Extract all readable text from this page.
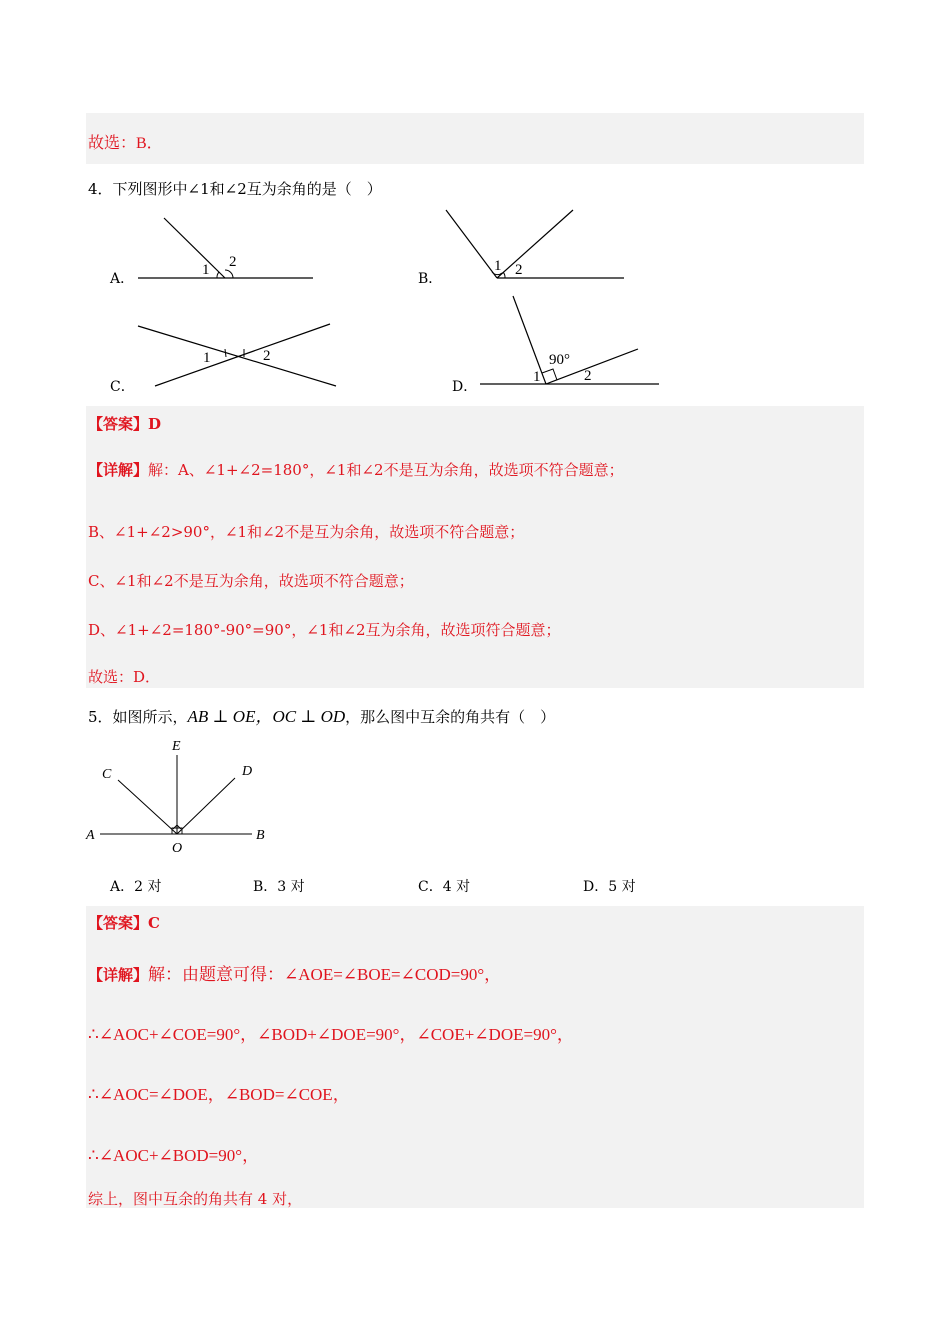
故选：B．
4．下列图形中∠1和∠2互为余角的是（　）
A．
1 2
B．
1 2
C．
1	2
D．
90°
1	2
【答案】D
【详解】解：A、∠1+∠2=180°，∠1和∠2不是互为余角，故选项不符合题意；
B、∠1+∠2>90°，∠1和∠2不是互为余角，故选项不符合题意；
C、∠1和∠2不是互为余角，故选项不符合题意；
D、∠1+∠2=180°-90°=90°，∠1和∠2互为余角，故选项符合题意；
故选：D．
5．如图所示，AB ⊥ OE，OC ⊥ OD，那么图中互余的角共有（　）
E
C	D
A	B
O
A．2 对	B．3 对	C．4 对	D．5 对
【答案】C
【详解】解：由题意可得：∠AOE=∠BOE=∠COD=90°，
∴∠AOC+∠COE=90°，∠BOD+∠DOE=90°，∠COE+∠DOE=90°，
∴∠AOC=∠DOE，∠BOD=∠COE，
∴∠AOC+∠BOD=90°，
综上，图中互余的角共有 4 对，
